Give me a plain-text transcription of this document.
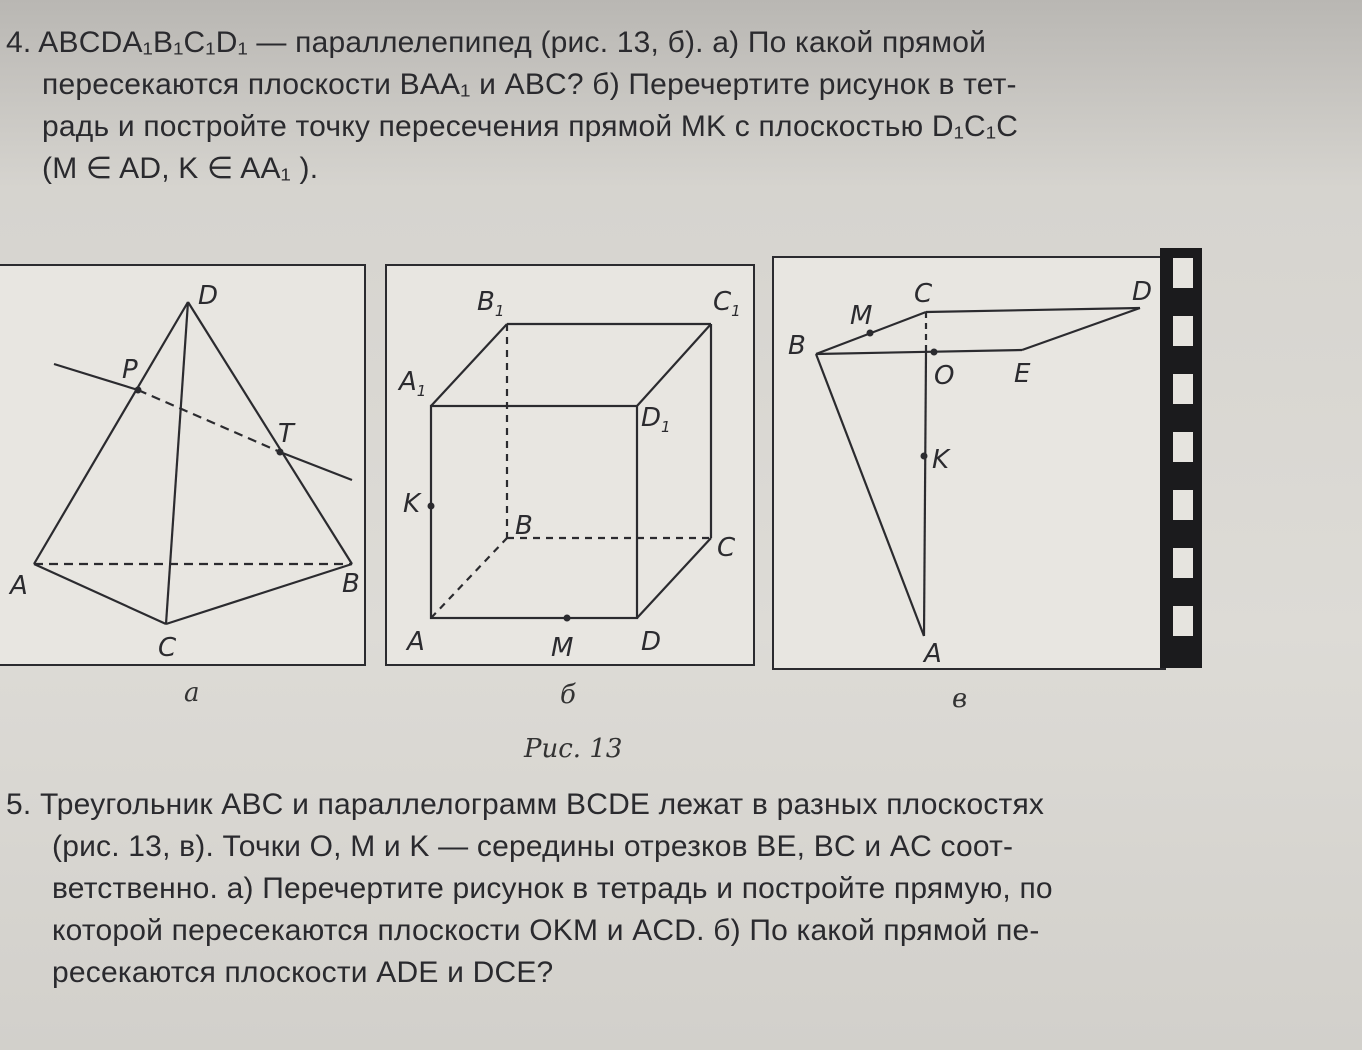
4. ABCDA₁B₁C₁D₁ — параллелепипед (рис. 13, б). а) По какой прямой
пересекаются плоскости BAA₁ и ABC? б) Перечертите рисунок в тет-
радь и постройте точку пересечения прямой MK с плоскостью D₁C₁C
(M ∈ AD, K ∈ AA₁ ).
D
P
T
A	B
C
$B_1$	$C_1$
$A_1$
$D_1$
K
B
C
A	M	D
M
C	D
B
O E
K
A
а	б	в
Рис. 13
5. Треугольник ABC и параллелограмм BCDE лежат в разных плоскостях
(рис. 13, в). Точки O, M и K — середины отрезков BE, BC и AC соот-
ветственно. а) Перечертите рисунок в тетрадь и постройте прямую, по
которой пересекаются плоскости OKM и ACD. б) По какой прямой пе-
ресекаются плоскости ADE и DCE?
